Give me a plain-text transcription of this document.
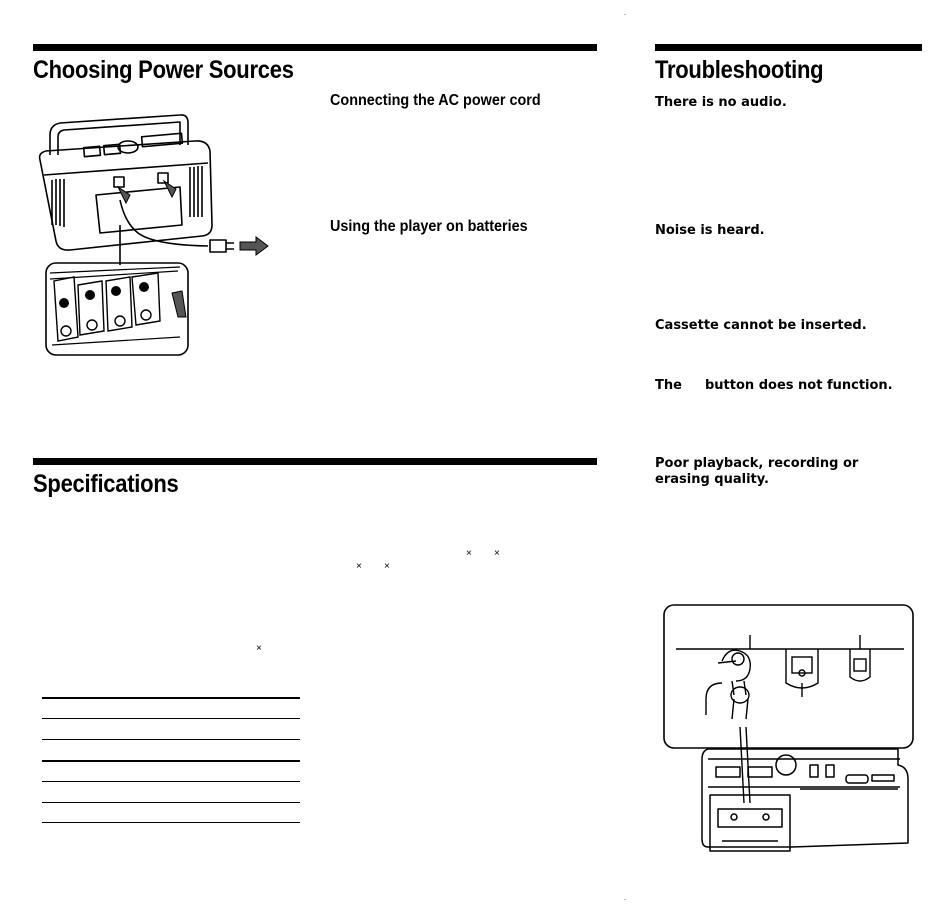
Choosing Power Sources
Connecting the AC power cord
Using the player on batteries
Specifications
× ×
× ×
×
.
.
Troubleshooting
There is no audio.
Noise is heard.
Cassette cannot be inserted.
The button does not function.
Poor playback, recording or
erasing quality.
